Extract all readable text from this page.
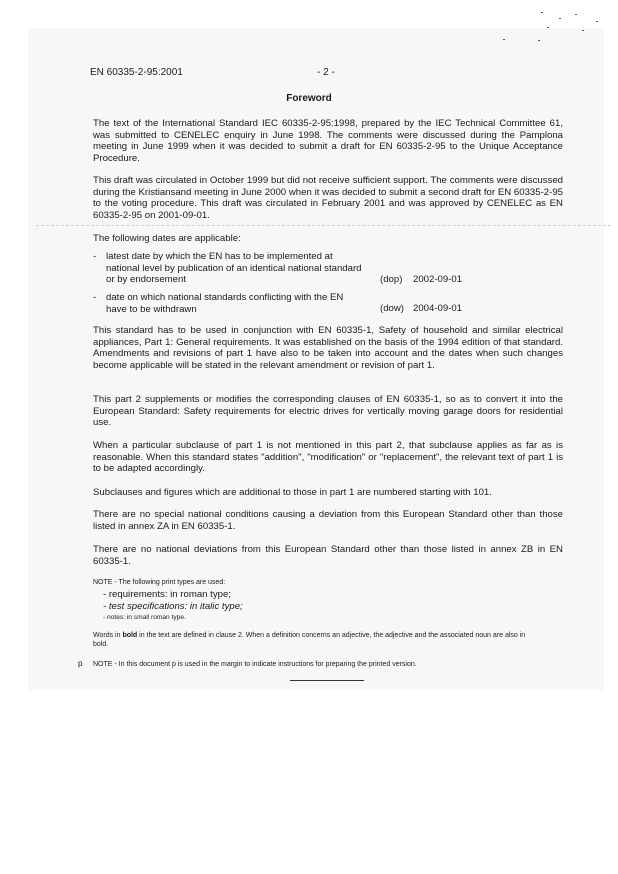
EN 60335-2-95:2001	- 2 -
Foreword

The text of the International Standard IEC 60335-2-95:1998, prepared by the IEC Technical Committee 61, was submitted to CENELEC enquiry in June 1998. The comments were discussed during the Pamplona meeting in June 1999 when it was decided to submit a draft for EN 60335-2-95 to the Unique Acceptance Procedure.

This draft was circulated in October 1999 but did not receive sufficient support. The comments were discussed during the Kristiansand meeting in June 2000 when it was decided to submit a second draft for EN 60335-2-95 to the voting procedure. This draft was circulated in February 2001 and was approved by CENELEC as EN 60335-2-95 on 2001-09-01.

The following dates are applicable:

- latest date by which the EN has to be implemented at national level by publication of an identical national standard or by endorsement	(dop) 2002-09-01
- date on which national standards conflicting with the EN have to be withdrawn	(dow) 2004-09-01

This standard has to be used in conjunction with EN 60335-1, Safety of household and similar electrical appliances, Part 1: General requirements. It was established on the basis of the 1994 edition of that standard. Amendments and revisions of part 1 have also to be taken into account and the dates when such changes become applicable will be stated in the relevant amendment or revision of part 1.

This part 2 supplements or modifies the corresponding clauses of EN 60335-1, so as to convert it into the European Standard: Safety requirements for electric drives for vertically moving garage doors for residential use.

When a particular subclause of part 1 is not mentioned in this part 2, that subclause applies as far as is reasonable. When this standard states "addition", "modification" or "replacement", the relevant text of part 1 is to be adapted accordingly.

Subclauses and figures which are additional to those in part 1 are numbered starting with 101.

There are no special national conditions causing a deviation from this European Standard other than those listed in annex ZA in EN 60335-1.

There are no national deviations from this European Standard other than those listed in annex ZB in EN 60335-1.

NOTE - The following print types are used:
- requirements: in roman type;
- test specifications: in italic type;
- notes: in small roman type.
Words in bold in the text are defined in clause 2. When a definition concerns an adjective, the adjective and the associated noun are also in bold.
p NOTE - In this document p is used in the margin to indicate instructions for preparing the printed version.
